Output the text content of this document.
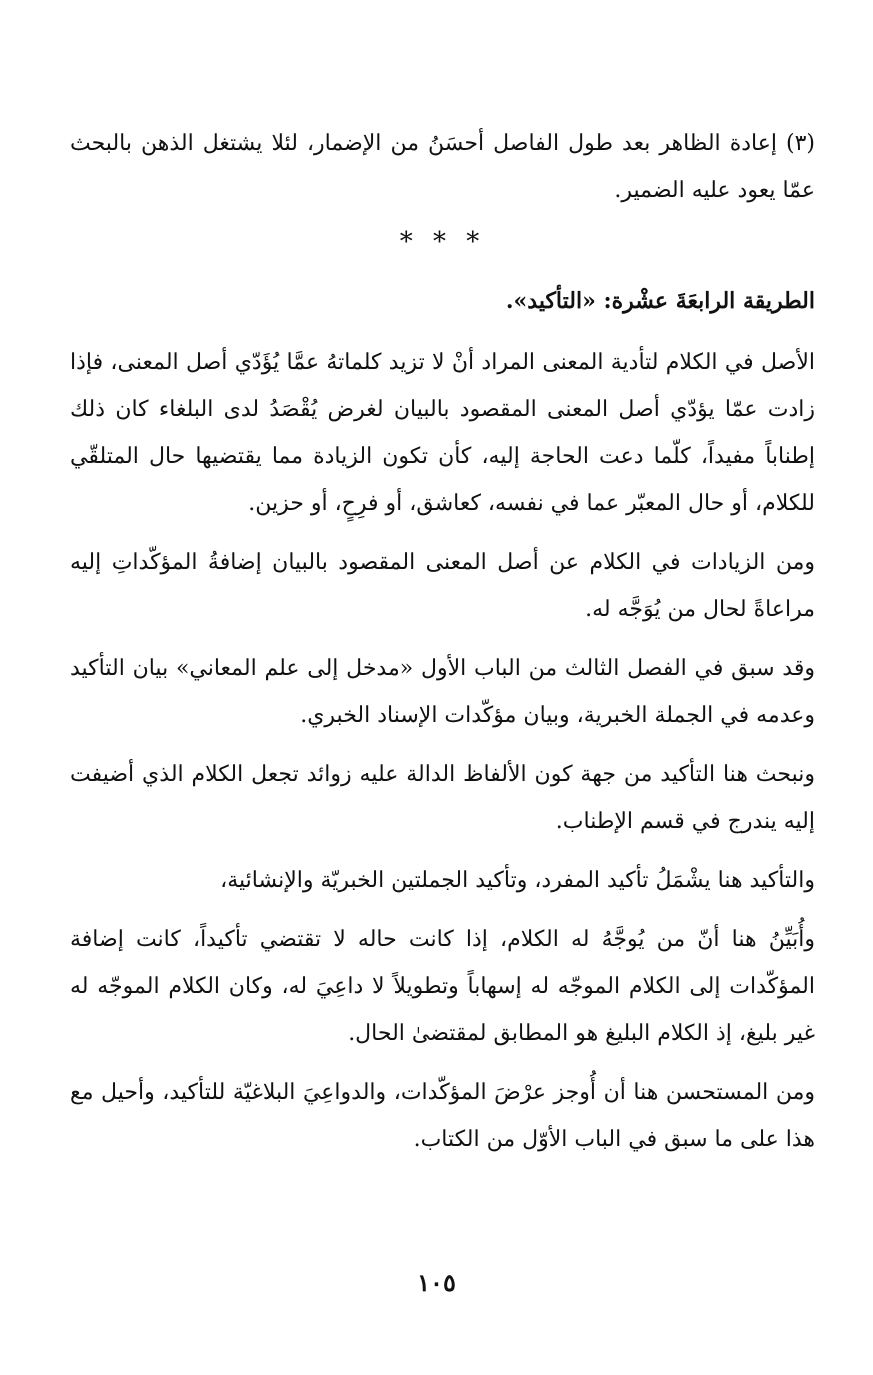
(٣) إعادة الظاهر بعد طول الفاصل أحسَنُ من الإضمار، لئلا يشتغل الذهن بالبحث عمّا يعود عليه الضمير.

* * *

الطريقة الرابعَةَ عشْرة: «التأكيد».

الأصل في الكلام لتأدية المعنى المراد أنْ لا تزيد كلماتهُ عمَّا يُؤَدّي أصل المعنى، فإذا زادت عمّا يؤدّي أصل المعنى المقصود بالبيان لغرض يُقْصَدُ لدى البلغاء كان ذلك إطناباً مفيداً، كلّما دعت الحاجة إليه، كأن تكون الزيادة مما يقتضيها حال المتلقّي للكلام، أو حال المعبّر عما في نفسه، كعاشق، أو فرِحٍ، أو حزين.

ومن الزيادات في الكلام عن أصل المعنى المقصود بالبيان إضافةُ المؤكّداتِ إليه مراعاةً لحال من يُوَجَّه له.

وقد سبق في الفصل الثالث من الباب الأول «مدخل إلى علم المعاني» بيان التأكيد وعدمه في الجملة الخبرية، وبيان مؤكّدات الإسناد الخبري.

ونبحث هنا التأكيد من جهة كون الألفاظ الدالة عليه زوائد تجعل الكلام الذي أضيفت إليه يندرج في قسم الإطناب.

والتأكيد هنا يشْمَلُ تأكيد المفرد، وتأكيد الجملتين الخبريّة والإنشائية،

وأُبَيِّنُ هنا أنّ من يُوجَّهُ له الكلام، إذا كانت حاله لا تقتضي تأكيداً، كانت إضافة المؤكّدات إلى الكلام الموجّه له إسهاباً وتطويلاً لا داعِيَ له، وكان الكلام الموجّه له غير بليغ، إذ الكلام البليغ هو المطابق لمقتضىٰ الحال.

ومن المستحسن هنا أن أُوجز عرْضَ المؤكّدات، والدواعِيَ البلاغيّة للتأكيد، وأحيل مع هذا على ما سبق في الباب الأوّل من الكتاب.

١٠٥
